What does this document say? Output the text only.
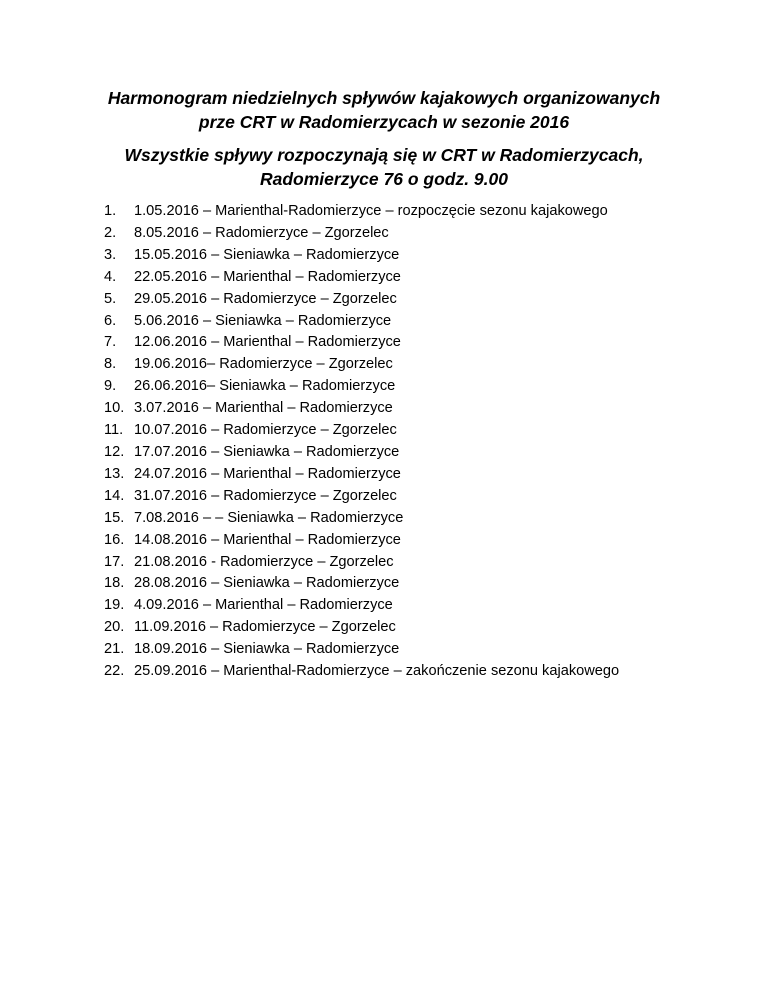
Harmonogram niedzielnych spływów kajakowych organizowanych
prze CRT w Radomierzycach w sezonie 2016
Wszystkie spływy rozpoczynają się w CRT w Radomierzycach,
Radomierzyce 76 o godz. 9.00
1. 1.05.2016 – Marienthal-Radomierzyce – rozpoczęcie sezonu kajakowego
2. 8.05.2016 – Radomierzyce – Zgorzelec
3. 15.05.2016 – Sieniawka – Radomierzyce
4. 22.05.2016 – Marienthal – Radomierzyce
5. 29.05.2016 – Radomierzyce – Zgorzelec
6. 5.06.2016 – Sieniawka – Radomierzyce
7. 12.06.2016 – Marienthal – Radomierzyce
8. 19.06.2016– Radomierzyce – Zgorzelec
9. 26.06.2016– Sieniawka – Radomierzyce
10. 3.07.2016 – Marienthal – Radomierzyce
11. 10.07.2016 – Radomierzyce – Zgorzelec
12. 17.07.2016 – Sieniawka – Radomierzyce
13. 24.07.2016 – Marienthal – Radomierzyce
14. 31.07.2016 – Radomierzyce – Zgorzelec
15. 7.08.2016 – – Sieniawka – Radomierzyce
16. 14.08.2016 – Marienthal – Radomierzyce
17. 21.08.2016 - Radomierzyce – Zgorzelec
18. 28.08.2016 – Sieniawka – Radomierzyce
19. 4.09.2016 – Marienthal – Radomierzyce
20. 11.09.2016 – Radomierzyce – Zgorzelec
21. 18.09.2016 – Sieniawka – Radomierzyce
22. 25.09.2016 – Marienthal-Radomierzyce – zakończenie sezonu kajakowego
